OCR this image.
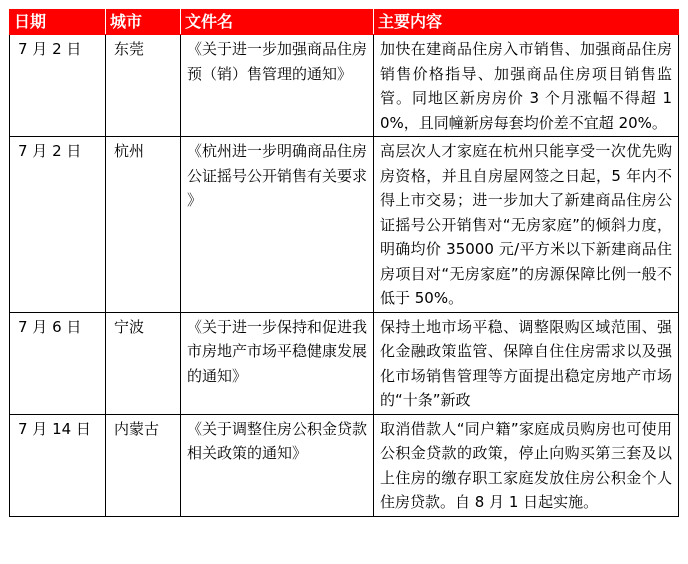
日期	城市	文件名	主要内容
7 月 2 日	东莞	《关于进一步加强商品住房预（销）售管理的通知》	加快在建商品住房入市销售、加强商品住房销售价格指导、加强商品住房项目销售监管。同地区新房房价 3 个月涨幅不得超 10%，且同幢新房每套均价差不宜超 20%。
7 月 2 日	杭州	《杭州进一步明确商品住房公证摇号公开销售有关要求 》	高层次人才家庭在杭州只能享受一次优先购房资格，并且自房屋网签之日起，5 年内不得上市交易；进一步加大了新建商品住房公证摇号公开销售对“无房家庭”的倾斜力度，明确均价 35000 元/平方米以下新建商品住房项目对“无房家庭”的房源保障比例一般不低于 50%。
7 月 6 日	宁波	《关于进一步保持和促进我市房地产市场平稳健康发展的通知》	保持土地市场平稳、调整限购区域范围、强化金融政策监管、保障自住住房需求以及强化市场销售管理等方面提出稳定房地产市场的“十条”新政
7 月 14 日	内蒙古	《关于调整住房公积金贷款相关政策的通知》	取消借款人“同户籍”家庭成员购房也可使用公积金贷款的政策，停止向购买第三套及以上住房的缴存职工家庭发放住房公积金个人住房贷款。自 8 月 1 日起实施。
